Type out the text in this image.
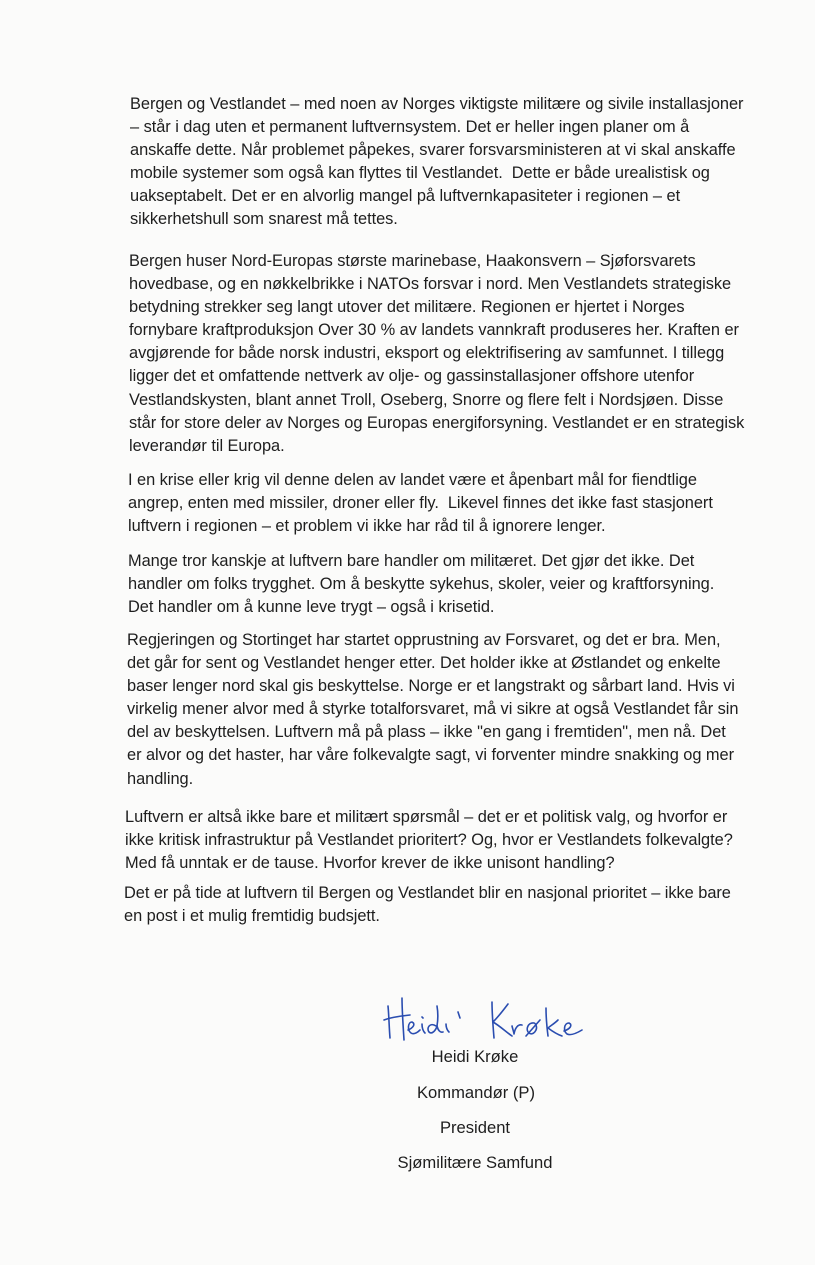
Bergen og Vestlandet – med noen av Norges viktigste militære og sivile installasjoner
– står i dag uten et permanent luftvernsystem. Det er heller ingen planer om å
anskaffe dette. Når problemet påpekes, svarer forsvarsministeren at vi skal anskaffe
mobile systemer som også kan flyttes til Vestlandet.  Dette er både urealistisk og
uakseptabelt. Det er en alvorlig mangel på luftvernkapasiteter i regionen – et
sikkerhetshull som snarest må tettes.

Bergen huser Nord-Europas største marinebase, Haakonsvern – Sjøforsvarets
hovedbase, og en nøkkelbrikke i NATOs forsvar i nord. Men Vestlandets strategiske
betydning strekker seg langt utover det militære. Regionen er hjertet i Norges
fornybare kraftproduksjon Over 30 % av landets vannkraft produseres her. Kraften er
avgjørende for både norsk industri, eksport og elektrifisering av samfunnet. I tillegg
ligger det et omfattende nettverk av olje- og gassinstallasjoner offshore utenfor
Vestlandskysten, blant annet Troll, Oseberg, Snorre og flere felt i Nordsjøen. Disse
står for store deler av Norges og Europas energiforsyning. Vestlandet er en strategisk
leverandør til Europa.

I en krise eller krig vil denne delen av landet være et åpenbart mål for fiendtlige
angrep, enten med missiler, droner eller fly.  Likevel finnes det ikke fast stasjonert
luftvern i regionen – et problem vi ikke har råd til å ignorere lenger.

Mange tror kanskje at luftvern bare handler om militæret. Det gjør det ikke. Det
handler om folks trygghet. Om å beskytte sykehus, skoler, veier og kraftforsyning.
Det handler om å kunne leve trygt – også i krisetid.

Regjeringen og Stortinget har startet opprustning av Forsvaret, og det er bra. Men,
det går for sent og Vestlandet henger etter. Det holder ikke at Østlandet og enkelte
baser lenger nord skal gis beskyttelse. Norge er et langstrakt og sårbart land. Hvis vi
virkelig mener alvor med å styrke totalforsvaret, må vi sikre at også Vestlandet får sin
del av beskyttelsen. Luftvern må på plass – ikke "en gang i fremtiden", men nå. Det
er alvor og det haster, har våre folkevalgte sagt, vi forventer mindre snakking og mer
handling.

Luftvern er altså ikke bare et militært spørsmål – det er et politisk valg, og hvorfor er
ikke kritisk infrastruktur på Vestlandet prioritert? Og, hvor er Vestlandets folkevalgte?
Med få unntak er de tause. Hvorfor krever de ikke unisont handling?

Det er på tide at luftvern til Bergen og Vestlandet blir en nasjonal prioritet – ikke bare
en post i et mulig fremtidig budsjett.

Heidi Krøke

Kommandør (P)

President

Sjømilitære Samfund
